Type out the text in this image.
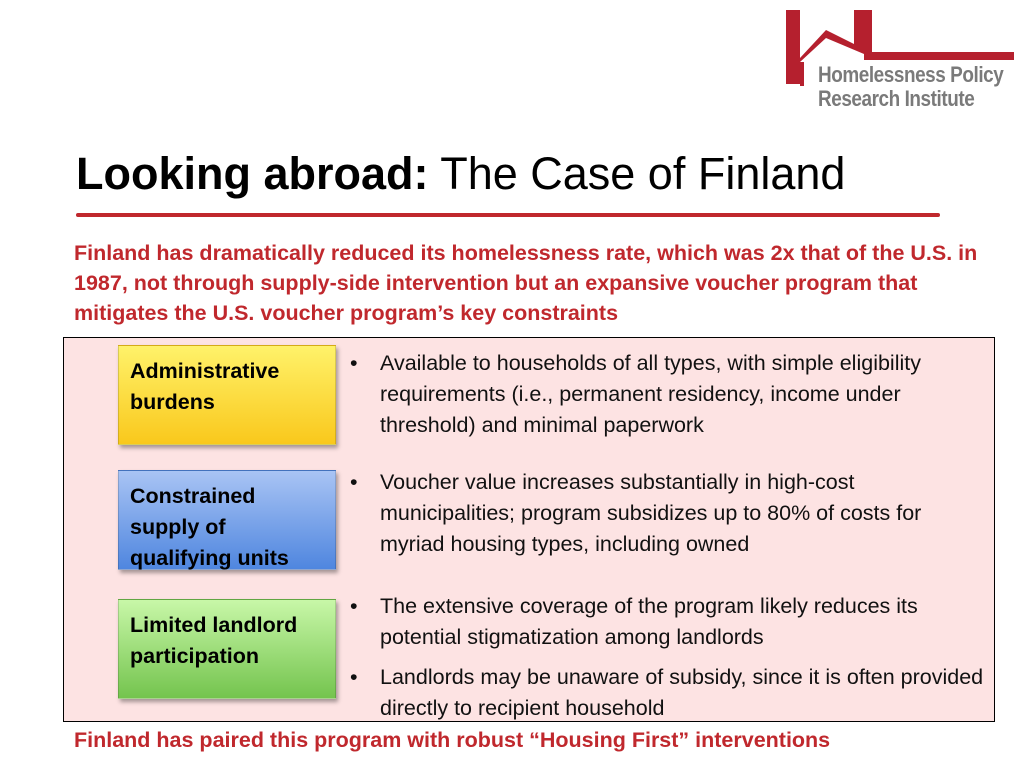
Homelessness Policy
Research Institute
Looking abroad: The Case of Finland

Finland has dramatically reduced its homelessness rate, which was 2x that of the U.S. in 1987, not through supply-side intervention but an expansive voucher program that mitigates the U.S. voucher program’s key constraints

Administrative burdens
• Available to households of all types, with simple eligibility requirements (i.e., permanent residency, income under threshold) and minimal paperwork
Constrained supply of qualifying units
• Voucher value increases substantially in high-cost municipalities; program subsidizes up to 80% of costs for myriad housing types, including owned
Limited landlord participation
• The extensive coverage of the program likely reduces its potential stigmatization among landlords
• Landlords may be unaware of subsidy, since it is often provided directly to recipient household

Finland has paired this program with robust “Housing First” interventions
